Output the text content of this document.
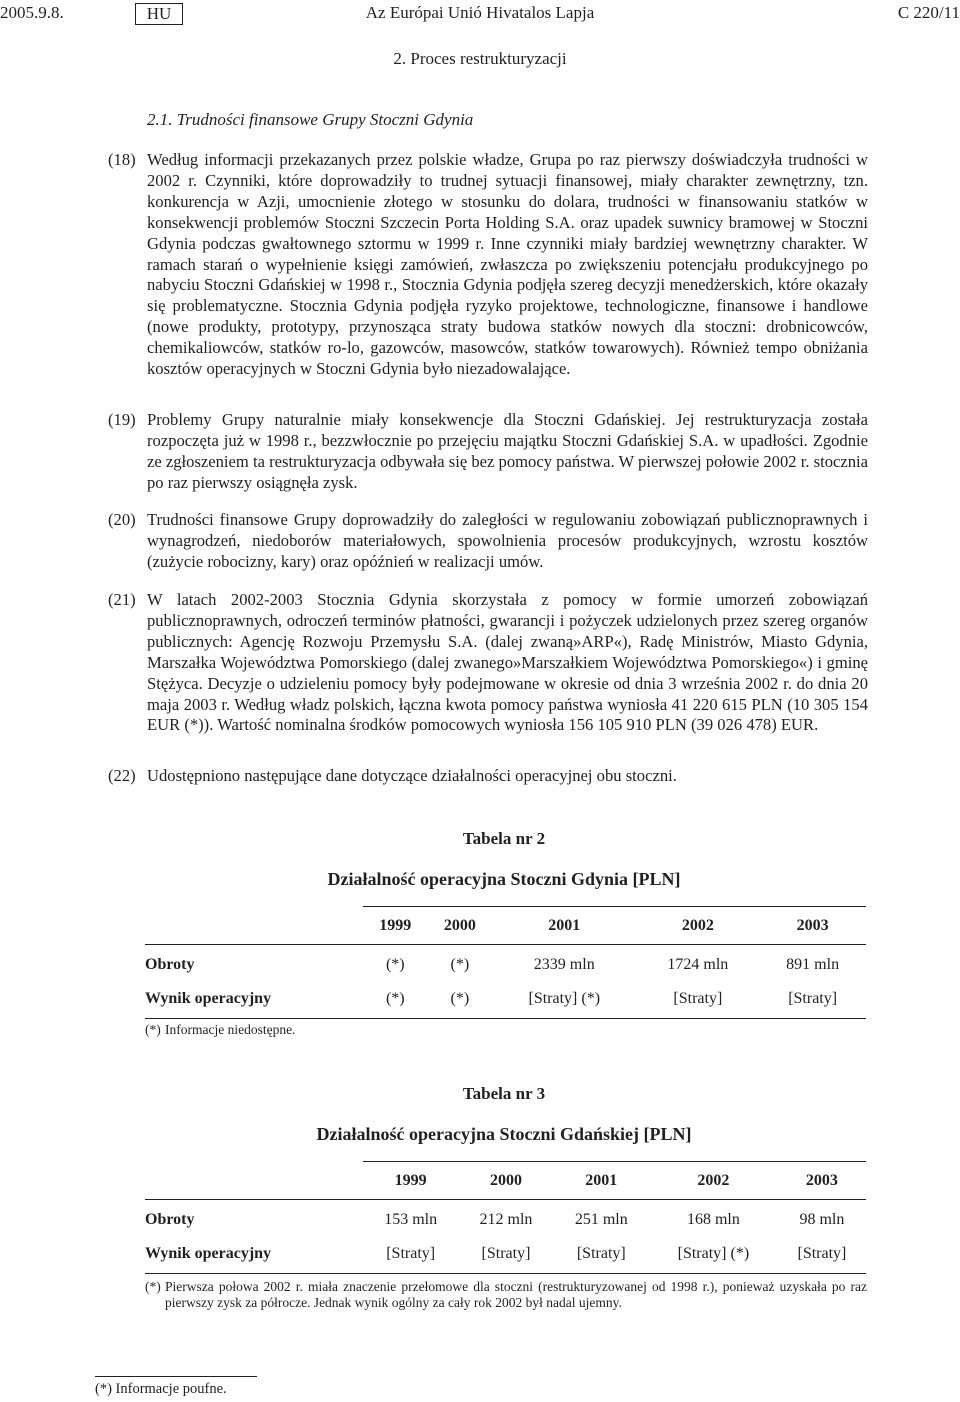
2005.9.8.	Az Európai Unió Hivatalos Lapja
HU	C 220/11
2. Proces restrukturyzacji
2.1. Trudności finansowe Grupy Stoczni Gdynia
(18) Według informacji przekazanych przez polskie władze, Grupa po raz pierwszy doświadczyła trudności w 2002 r. Czynniki, które doprowadziły to trudnej sytuacji finansowej, miały charakter zewnętrzny, tzn. konkurencja w Azji, umocnienie złotego w stosunku do dolara, trudności w finansowaniu statków w konsekwencji problemów Stoczni Szczecin Porta Holding S.A. oraz upadek suwnicy bramowej w Stoczni Gdynia podczas gwałtownego sztormu w 1999 r. Inne czynniki miały bardziej wewnętrzny charakter. W ramach starań o wypełnienie księgi zamówień, zwłaszcza po zwiększeniu potencjału produkcyjnego po nabyciu Stoczni Gdańskiej w 1998 r., Stocznia Gdynia podjęła szereg decyzji menedżerskich, które okazały się problematyczne. Stocznia Gdynia podjęła ryzyko projektowe, technologiczne, finansowe i handlowe (nowe produkty, prototypy, przynosząca straty budowa statków nowych dla stoczni: drobnicowców, chemikaliowców, statków ro-lo, gazowców, masowców, statków towarowych). Również tempo obniżania kosztów operacyjnych w Stoczni Gdynia było niezadowalające.
(19) Problemy Grupy naturalnie miały konsekwencje dla Stoczni Gdańskiej. Jej restrukturyzacja została rozpoczęta już w 1998 r., bezzwłocznie po przejęciu majątku Stoczni Gdańskiej S.A. w upadłości. Zgodnie ze zgłoszeniem ta restrukturyzacja odbywała się bez pomocy państwa. W pierwszej połowie 2002 r. stocznia po raz pierwszy osiągnęła zysk.
(20) Trudności finansowe Grupy doprowadziły do zaległości w regulowaniu zobowiązań publicznoprawnych i wynagrodzeń, niedoborów materiałowych, spowolnienia procesów produkcyjnych, wzrostu kosztów (zużycie robocizny, kary) oraz opóźnień w realizacji umów.
(21) W latach 2002-2003 Stocznia Gdynia skorzystała z pomocy w formie umorzeń zobowiązań publicznoprawnych, odroczeń terminów płatności, gwarancji i pożyczek udzielonych przez szereg organów publicznych: Agencję Rozwoju Przemysłu S.A. (dalej zwaną»ARP«), Radę Ministrów, Miasto Gdynia, Marszałka Województwa Pomorskiego (dalej zwanego»Marszałkiem Województwa Pomorskiego«) i gminę Stężyca. Decyzje o udzieleniu pomocy były podejmowane w okresie od dnia 3 września 2002 r. do dnia 20 maja 2003 r. Według władz polskich, łączna kwota pomocy państwa wyniosła 41 220 615 PLN (10 305 154 EUR (*)). Wartość nominalna środków pomocowych wyniosła 156 105 910 PLN (39 026 478) EUR.
(22) Udostępniono następujące dane dotyczące działalności operacyjnej obu stoczni.
Tabela nr 2
Działalność operacyjna Stoczni Gdynia [PLN]
	1999	2000	2001	2002	2003
Obroty	(*)	(*)	2339 mln	1724 mln	891 mln
Wynik operacyjny	(*)	(*)	[Straty] (*)	[Straty]	[Straty]
(*) Informacje niedostępne.
Tabela nr 3
Działalność operacyjna Stoczni Gdańskiej [PLN]
	1999	2000	2001	2002	2003
Obroty	153 mln	212 mln	251 mln	168 mln	98 mln
Wynik operacyjny	[Straty]	[Straty]	[Straty]	[Straty] (*)	[Straty]
(*) Pierwsza połowa 2002 r. miała znaczenie przełomowe dla stoczni (restrukturyzowanej od 1998 r.), ponieważ uzyskała po raz pierwszy zysk za półrocze. Jednak wynik ogólny za cały rok 2002 był nadal ujemny.
(*) Informacje poufne.
